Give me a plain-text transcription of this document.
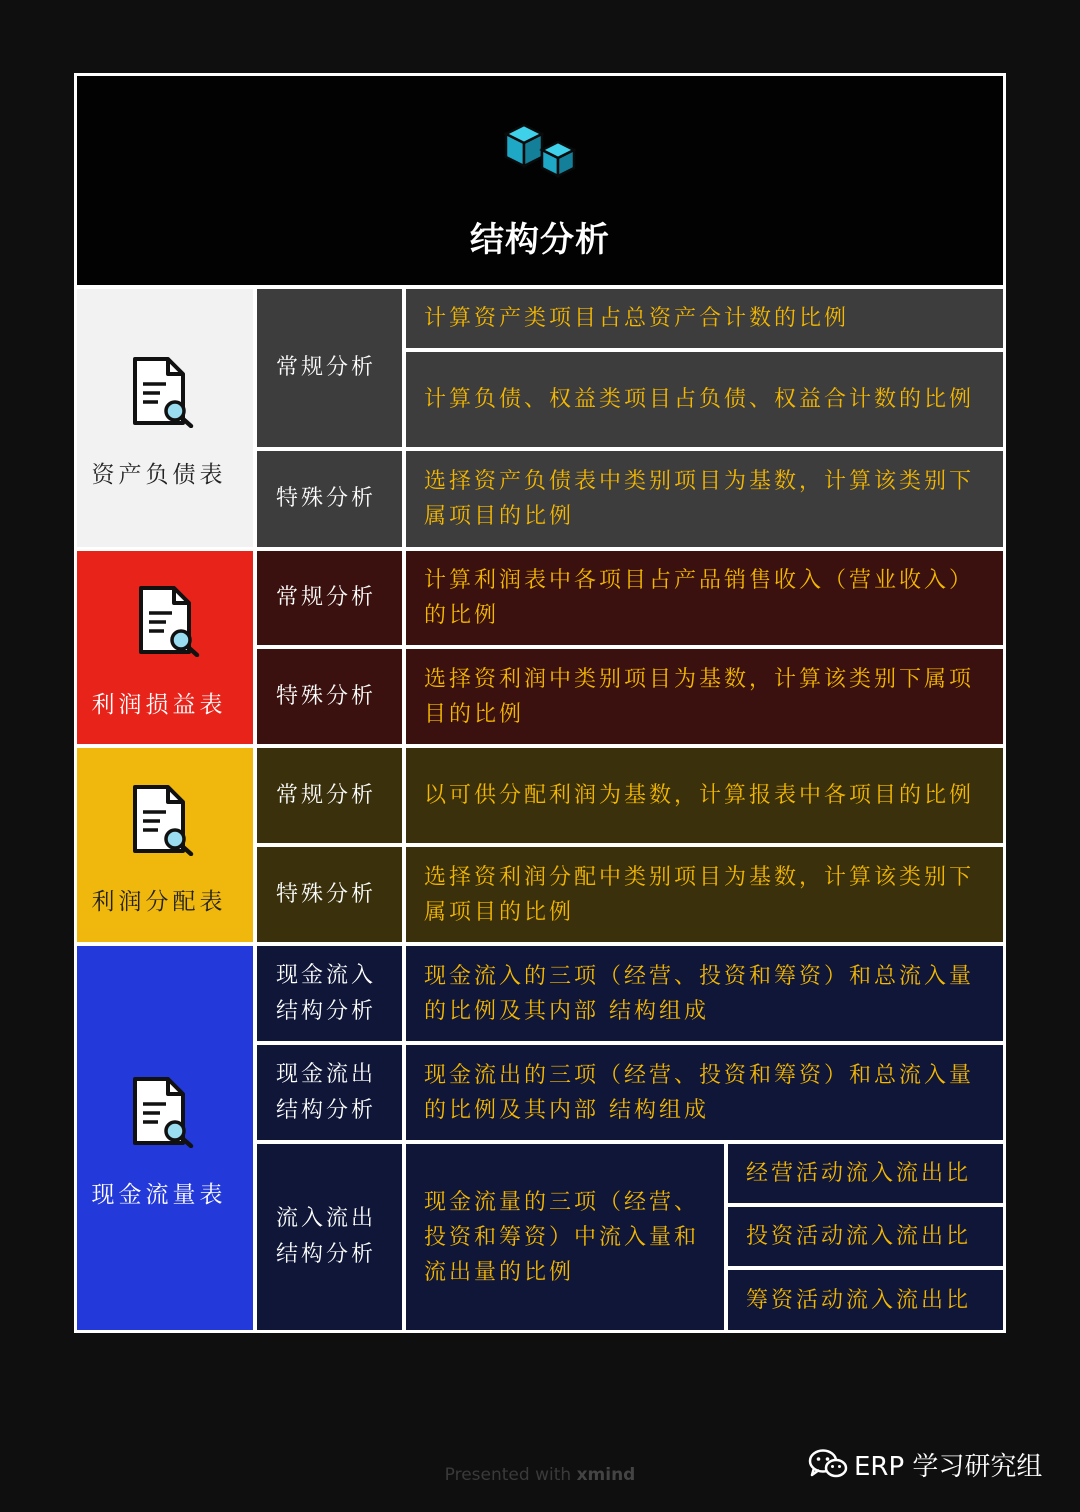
结构分析
资产负债表
常规分析
计算资产类项目占总资产合计数的比例
计算负债、权益类项目占负债、权益合计数的比例
特殊分析
选择资产负债表中类别项目为基数，计算该类别下属项目的比例
利润损益表
常规分析
计算利润表中各项目占产品销售收入（营业收入）的比例
特殊分析
选择资利润中类别项目为基数，计算该类别下属项目的比例
利润分配表
常规分析	以可供分配利润为基数，计算报表中各项目的比例
特殊分析
选择资利润分配中类别项目为基数，计算该类别下属项目的比例
现金流量表
现金流入结构分析
现金流入的三项（经营、投资和筹资）和总流入量的比例及其内部 结构组成
现金流出结构分析
现金流出的三项（经营、投资和筹资）和总流入量的比例及其内部 结构组成
流入流出结构分析
现金流量的三项（经营、投资和筹资）中流入量和流出量的比例
经营活动流入流出比
投资活动流入流出比
筹资活动流入流出比
Presented with xmind	ERP 学习研究组
